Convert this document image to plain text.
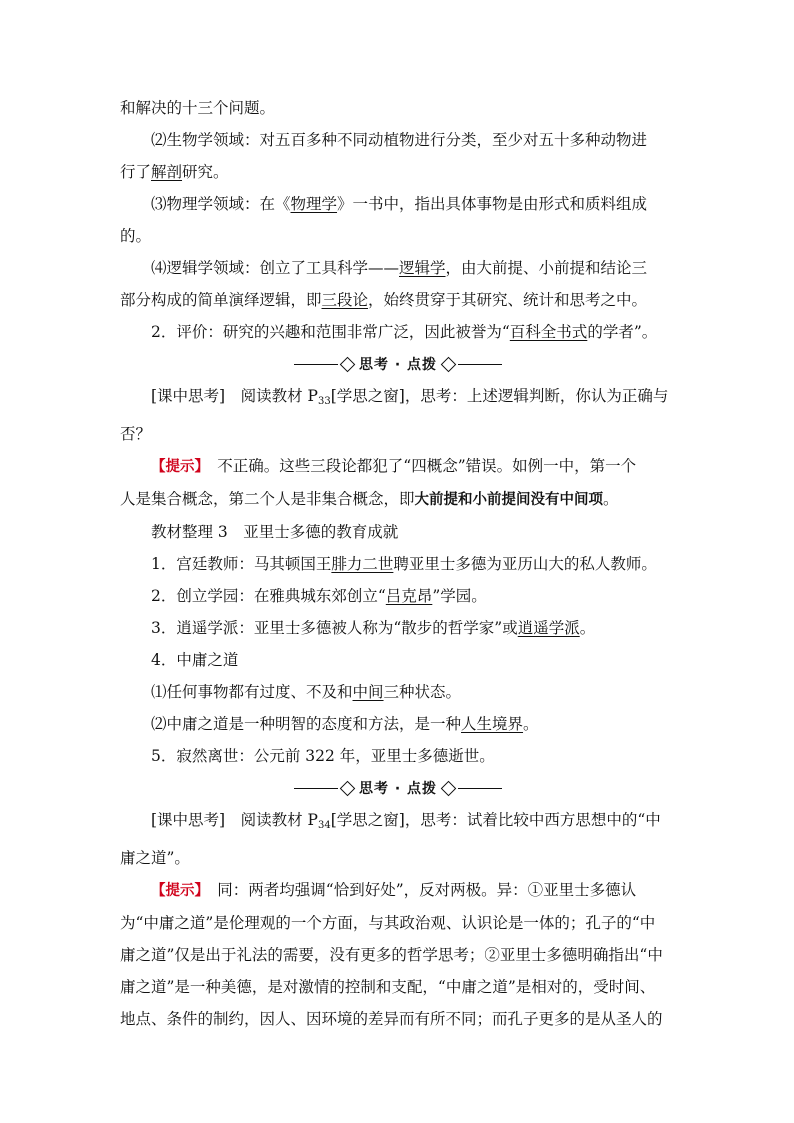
和解决的十三个问题。

⑵生物学领域：对五百多种不同动植物进行分类，至少对五十多种动物进
行了解剖研究。

⑶物理学领域：在《物理学》一书中，指出具体事物是由形式和质料组成
的。

⑷逻辑学领域：创立了工具科学——逻辑学，由大前提、小前提和结论三
部分构成的简单演绎逻辑，即三段论，始终贯穿于其研究、统计和思考之中。

2．评价：研究的兴趣和范围非常广泛，因此被誉为“百科全书式的学者”。

思考 · 点拨

[课中思考]　 阅读教材 $P_{33}$[学思之窗]，思考：上述逻辑判断，你认为正确与
否？

【提示】　 不正确。这些三段论都犯了“四概念”错误。如例一中，第一个
人是集合概念，第二个人是非集合概念，即大前提和小前提间没有中间项。

教材整理 3　亚里士多德的教育成就

1．宫廷教师：马其顿国王腓力二世聘亚里士多德为亚历山大的私人教师。

2．创立学园：在雅典城东郊创立“吕克昂”学园。

3．逍遥学派：亚里士多德被人称为“散步的哲学家”或逍遥学派。

4．中庸之道

⑴任何事物都有过度、不及和中间三种状态。

⑵中庸之道是一种明智的态度和方法，是一种人生境界。

5．寂然离世：公元前 322 年，亚里士多德逝世。

思考 · 点拨

[课中思考]　 阅读教材 $P_{34}$[学思之窗]，思考：试着比较中西方思想中的“中
庸之道”。

【提示】　 同：两者均强调“恰到好处”，反对两极。异：①亚里士多德认
为“中庸之道”是伦理观的一个方面，与其政治观、认识论是一体的；孔子的“中
庸之道”仅是出于礼法的需要，没有更多的哲学思考；②亚里士多德明确指出“中
庸之道”是一种美德，是对激情的控制和支配，“中庸之道”是相对的，受时间、
地点、条件的制约，因人、因环境的差异而有所不同；而孔子更多的是从圣人的
